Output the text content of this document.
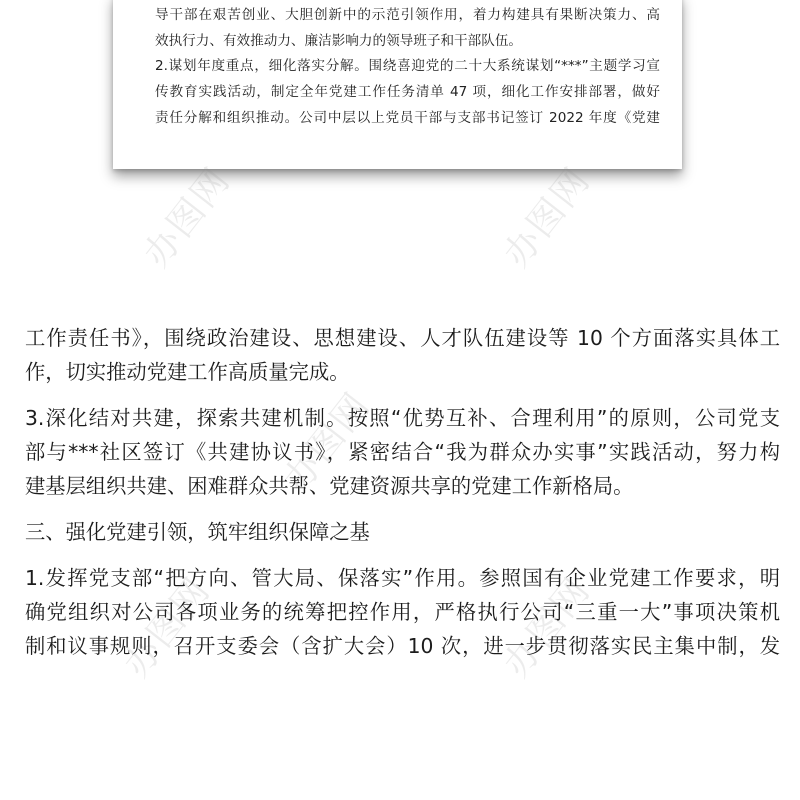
导干部在艰苦创业、大胆创新中的示范引领作用，着力构建具有果断决策力、高

效执行力、有效推动力、廉洁影响力的领导班子和干部队伍。

2.谋划年度重点，细化落实分解。围绕喜迎党的二十大系统谋划“***”主题学习宣

传教育实践活动，制定全年党建工作任务清单 47 项，细化工作安排部署，做好

责任分解和组织推动。公司中层以上党员干部与支部书记签订 2022 年度《党建

办图网	办图网
办图网
办图网	办图网

工作责任书》，围绕政治建设、思想建设、人才队伍建设等 10 个方面落实具体工
作，切实推动党建工作高质量完成。

3.深化结对共建，探索共建机制。按照“优势互补、合理利用”的原则，公司党支
部与***社区签订《共建协议书》，紧密结合“我为群众办实事”实践活动，努力构
建基层组织共建、困难群众共帮、党建资源共享的党建工作新格局。

三、强化党建引领，筑牢组织保障之基

1.发挥党支部“把方向、管大局、保落实”作用。参照国有企业党建工作要求，明
确党组织对公司各项业务的统筹把控作用，严格执行公司“三重一大”事项决策机
制和议事规则，召开支委会（含扩大会）10 次，进一步贯彻落实民主集中制，发
